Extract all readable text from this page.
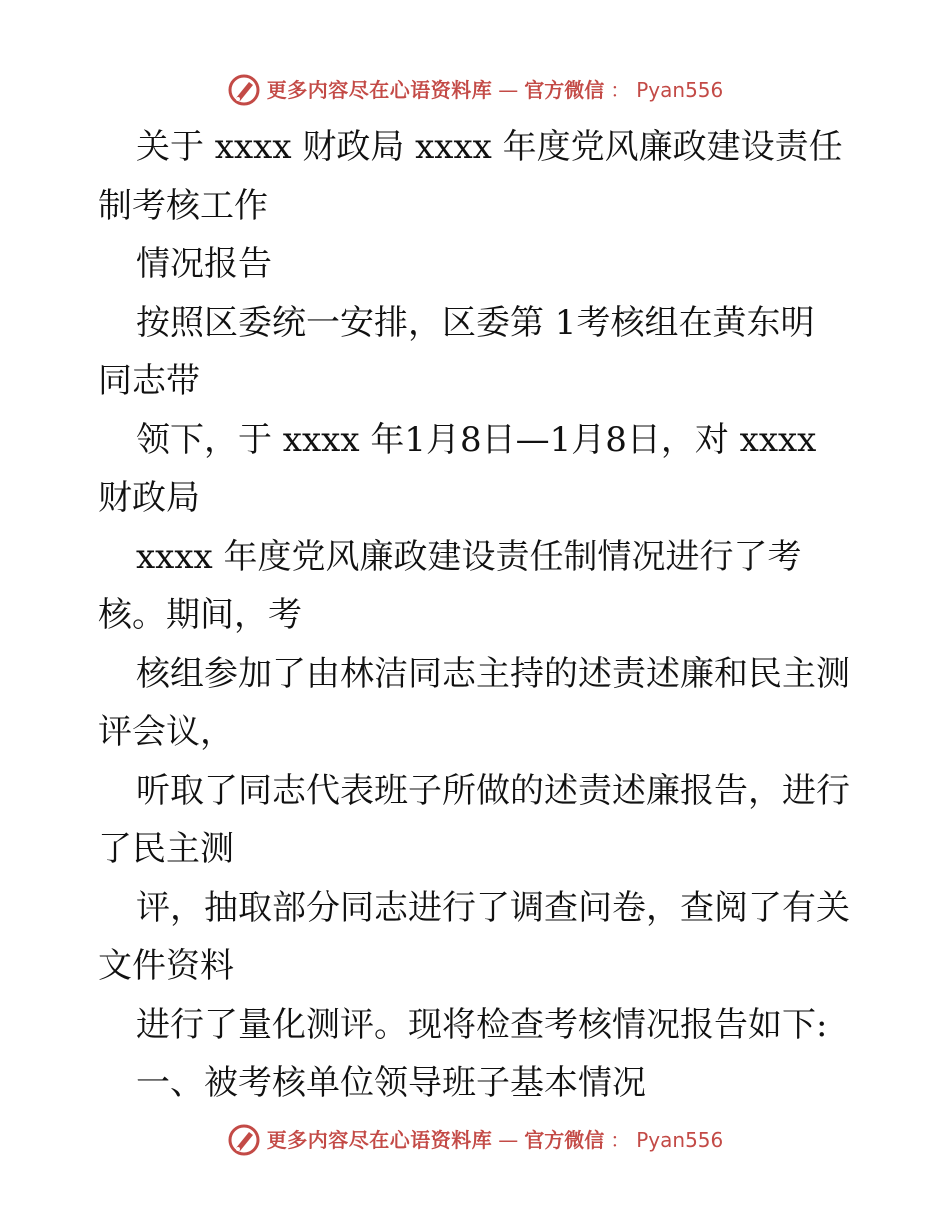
更多内容尽在心语资料库 — 官方微信 ： Pyan556
关于 xxxx 财政局 xxxx 年度党风廉政建设责任
制考核工作
情况报告
按照区委统一安排，区委第 1考核组在黄东明
同志带
领下，于 xxxx 年1月8日—1月8日，对 xxxx
财政局
xxxx 年度党风廉政建设责任制情况进行了考
核。期间，考
核组参加了由林洁同志主持的述责述廉和民主测
评会议，
听取了同志代表班子所做的述责述廉报告，进行
了民主测
评，抽取部分同志进行了调查问卷，查阅了有关
文件资料
进行了量化测评。现将检查考核情况报告如下:
一、被考核单位领导班子基本情况
更多内容尽在心语资料库 — 官方微信 ： Pyan556
